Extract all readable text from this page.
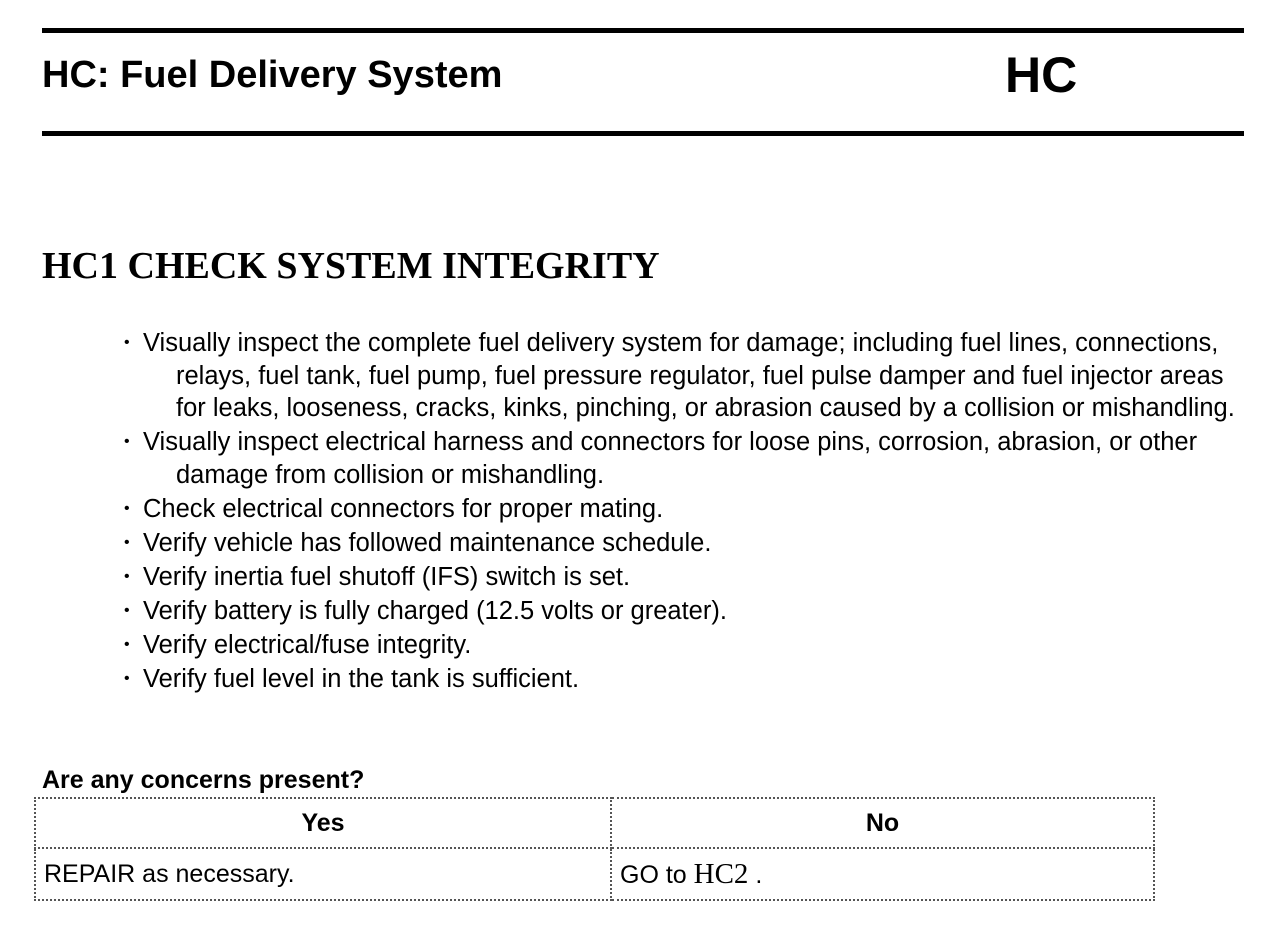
HC: Fuel Delivery System	HC
HC1 CHECK SYSTEM INTEGRITY
• Visually inspect the complete fuel delivery system for damage; including fuel lines, connections, relays, fuel tank, fuel pump, fuel pressure regulator, fuel pulse damper and fuel injector areas for leaks, looseness, cracks, kinks, pinching, or abrasion caused by a collision or mishandling.
• Visually inspect electrical harness and connectors for loose pins, corrosion, abrasion, or other damage from collision or mishandling.
• Check electrical connectors for proper mating.
• Verify vehicle has followed maintenance schedule.
• Verify inertia fuel shutoff (IFS) switch is set.
• Verify battery is fully charged (12.5 volts or greater).
• Verify electrical/fuse integrity.
• Verify fuel level in the tank is sufficient.
Are any concerns present?
Yes	No
REPAIR as necessary.	GO to HC2 .
